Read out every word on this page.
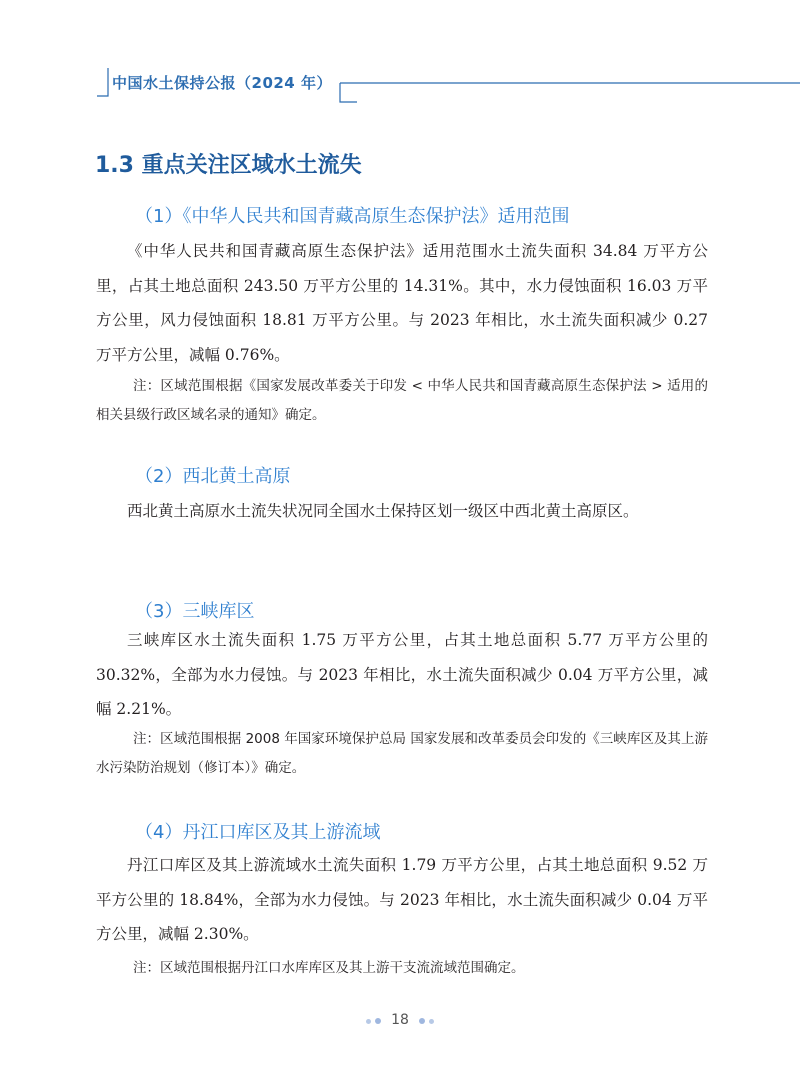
中国水土保持公报（2024 年）
1.3 重点关注区域水土流失
（1）《中华人民共和国青藏高原生态保护法》适用范围

《中华人民共和国青藏高原生态保护法》适用范围水土流失面积 34.84 万平方公里，占其土地总面积 243.50 万平方公里的 14.31%。其中，水力侵蚀面积 16.03 万平方公里，风力侵蚀面积 18.81 万平方公里。与 2023 年相比，水土流失面积减少 0.27 万平方公里，减幅 0.76%。

注：区域范围根据《国家发展改革委关于印发 < 中华人民共和国青藏高原生态保护法 > 适用的相关县级行政区域名录的通知》确定。

（2）西北黄土高原

西北黄土高原水土流失状况同全国水土保持区划一级区中西北黄土高原区。

（3）三峡库区

三峡库区水土流失面积 1.75 万平方公里，占其土地总面积 5.77 万平方公里的 30.32%，全部为水力侵蚀。与 2023 年相比，水土流失面积减少 0.04 万平方公里，减幅 2.21%。

注：区域范围根据 2008 年国家环境保护总局 国家发展和改革委员会印发的《三峡库区及其上游水污染防治规划（修订本）》确定。

（4）丹江口库区及其上游流域

丹江口库区及其上游流域水土流失面积 1.79 万平方公里，占其土地总面积 9.52 万平方公里的 18.84%，全部为水力侵蚀。与 2023 年相比，水土流失面积减少 0.04 万平方公里，减幅 2.30%。

注：区域范围根据丹江口水库库区及其上游干支流流域范围确定。

18
